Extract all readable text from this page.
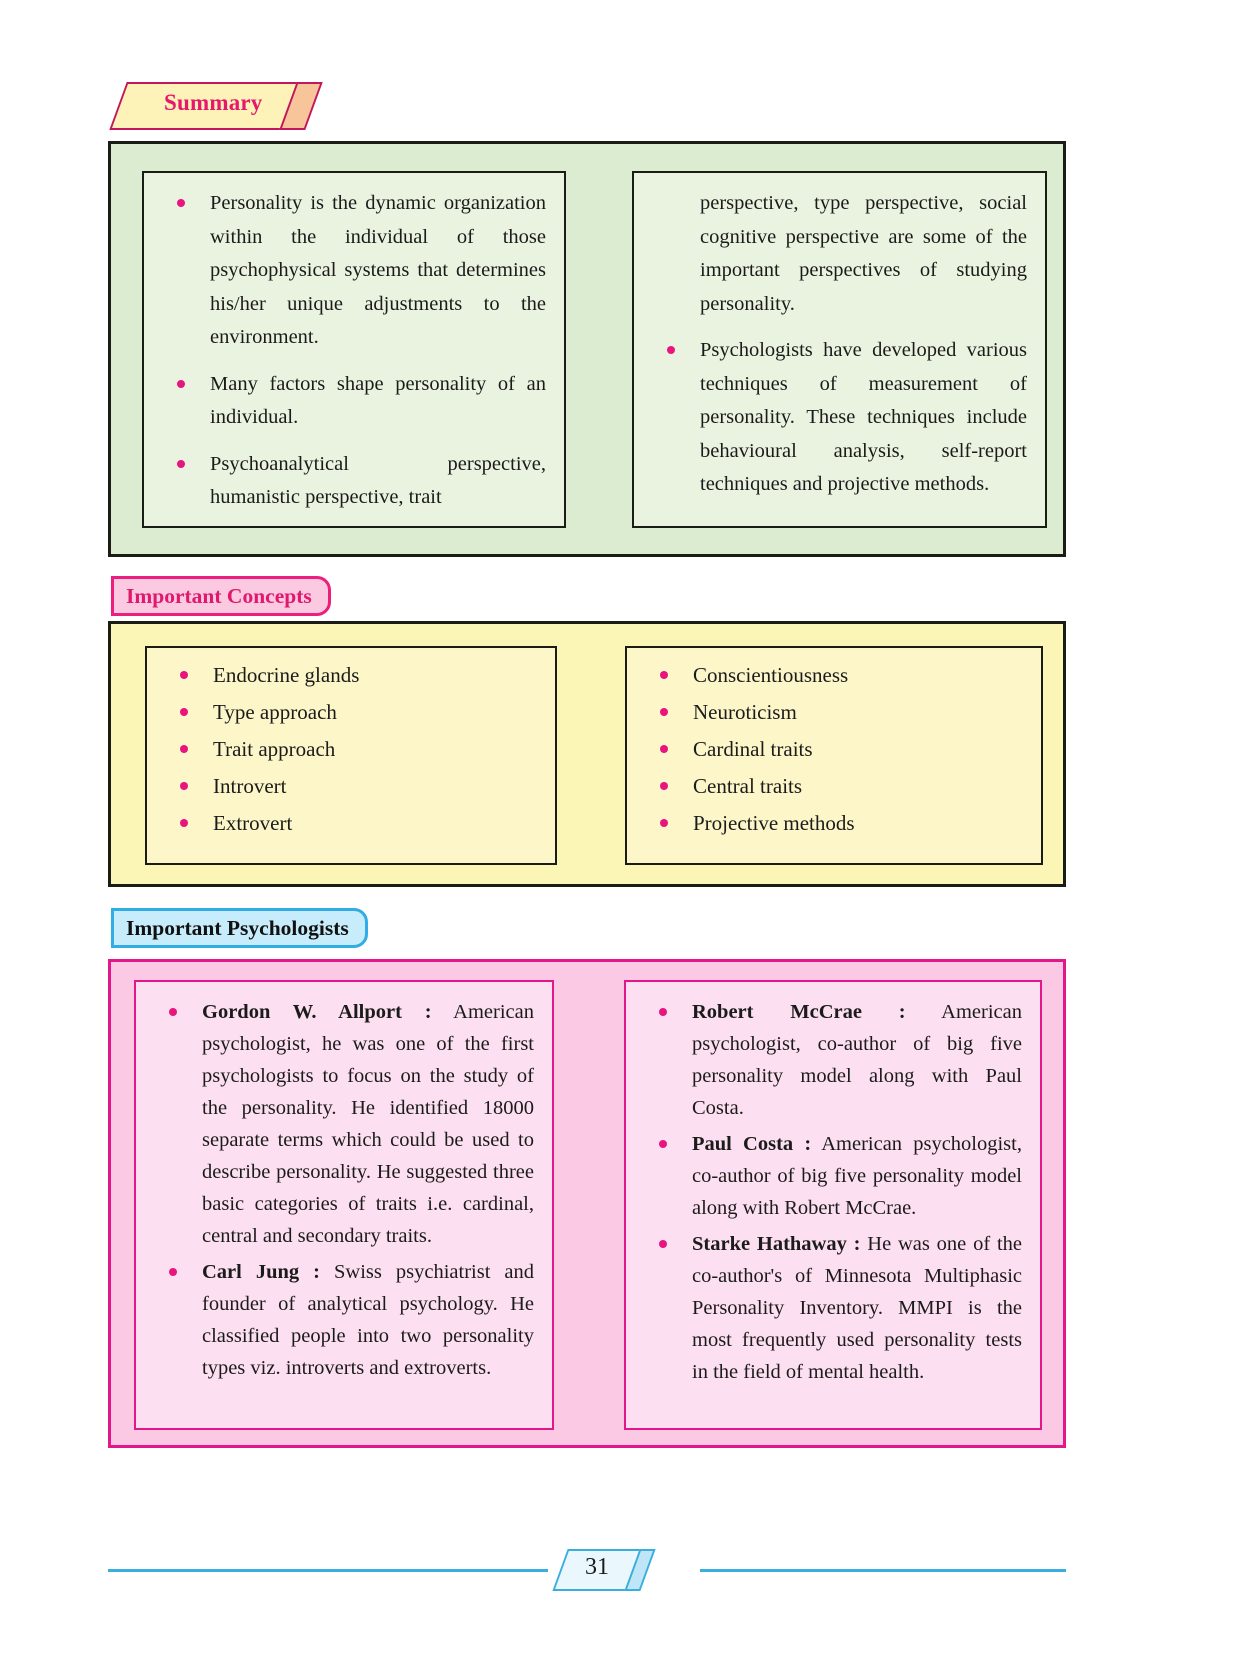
Summary
Personality is the dynamic organization within the individual of those psychophysical systems that determines his/her unique adjustments to the environment.
Many factors shape personality of an individual.
Psychoanalytical perspective, humanistic perspective, trait
perspective, type perspective, social cognitive perspective are some of the important perspectives of studying personality.
Psychologists have developed various techniques of measurement of personality. These techniques include behavioural analysis, self-report techniques and projective methods.
Important Concepts
Endocrine glands
Type approach
Trait approach
Introvert
Extrovert
Conscientiousness
Neuroticism
Cardinal traits
Central traits
Projective methods
Important Psychologists
Gordon W. Allport : American psychologist, he was one of the first psychologists to focus on the study of the personality. He identified 18000 separate terms which could be used to describe personality. He suggested three basic categories of traits i.e. cardinal, central and secondary traits.
Carl Jung : Swiss psychiatrist and founder of analytical psychology. He classified people into two personality types viz. introverts and extroverts.
Robert McCrae : American psychologist, co-author of big five personality model along with Paul Costa.
Paul Costa : American psychologist, co-author of big five personality model along with Robert McCrae.
Starke Hathaway : He was one of the co-author's of Minnesota Multiphasic Personality Inventory. MMPI is the most frequently used personality tests in the field of mental health.
31
